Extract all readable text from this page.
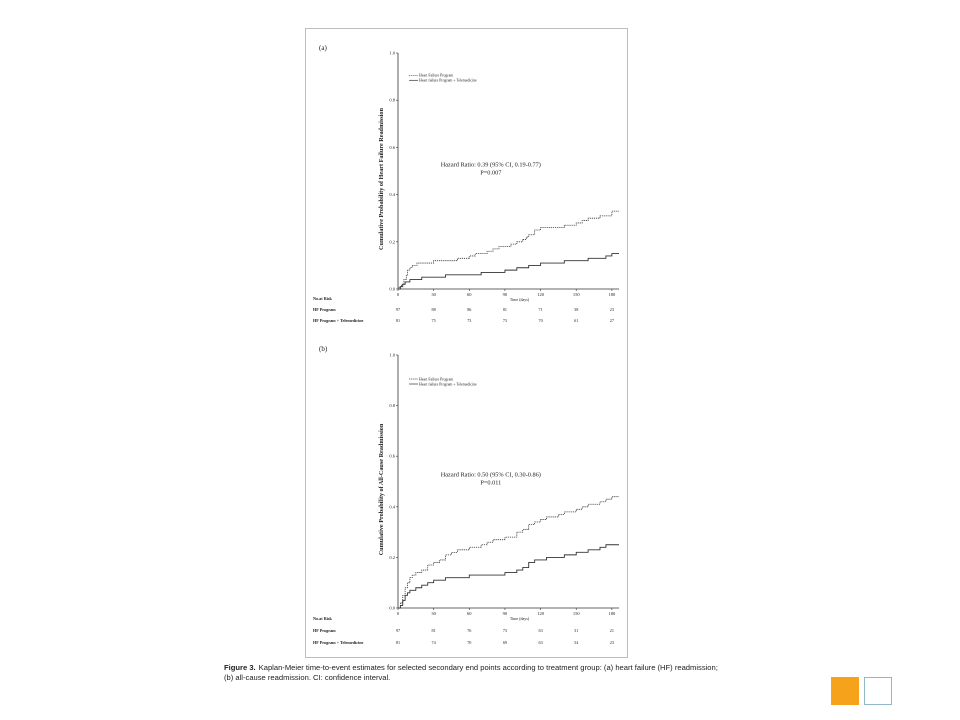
(a)
0.0
0.2
0.4
0.6
0.8
1.0
0	30	60	90	120	150	180
Time (days)
Cumulative Probability of Heart Failure Readmission
Heart Failure Program
Heart failure Program + Telemedicine
Hazard Ratio: 0.39 (95% CI, 0.19-0.77)
P=0.007
No.at Risk
HF Program	97	88	86	81	71	38	23
HF Program + Telemedicine	81	75	73	73	70	61	27
(b)
0.0
0.2
0.4
0.6
0.8
1.0
0	30	60	90	120	150	180
Time (days)
Cumulative Probability of All-Cause Readmission
Heart Failure Program
Heart failure Program + Telemedicine
Hazard Ratio: 0.50 (95% CI, 0.30-0.86)
P=0.011
No.at Risk
HF Program	97	81	76	73	63	31	21
HF Program + Telemedicine	81	74	70	69	63	54	23
Figure 3. Kaplan-Meier time-to-event estimates for selected secondary end points according to treatment group: (a) heart failure (HF) readmission; (b) all-cause readmission. CI: confidence interval.
